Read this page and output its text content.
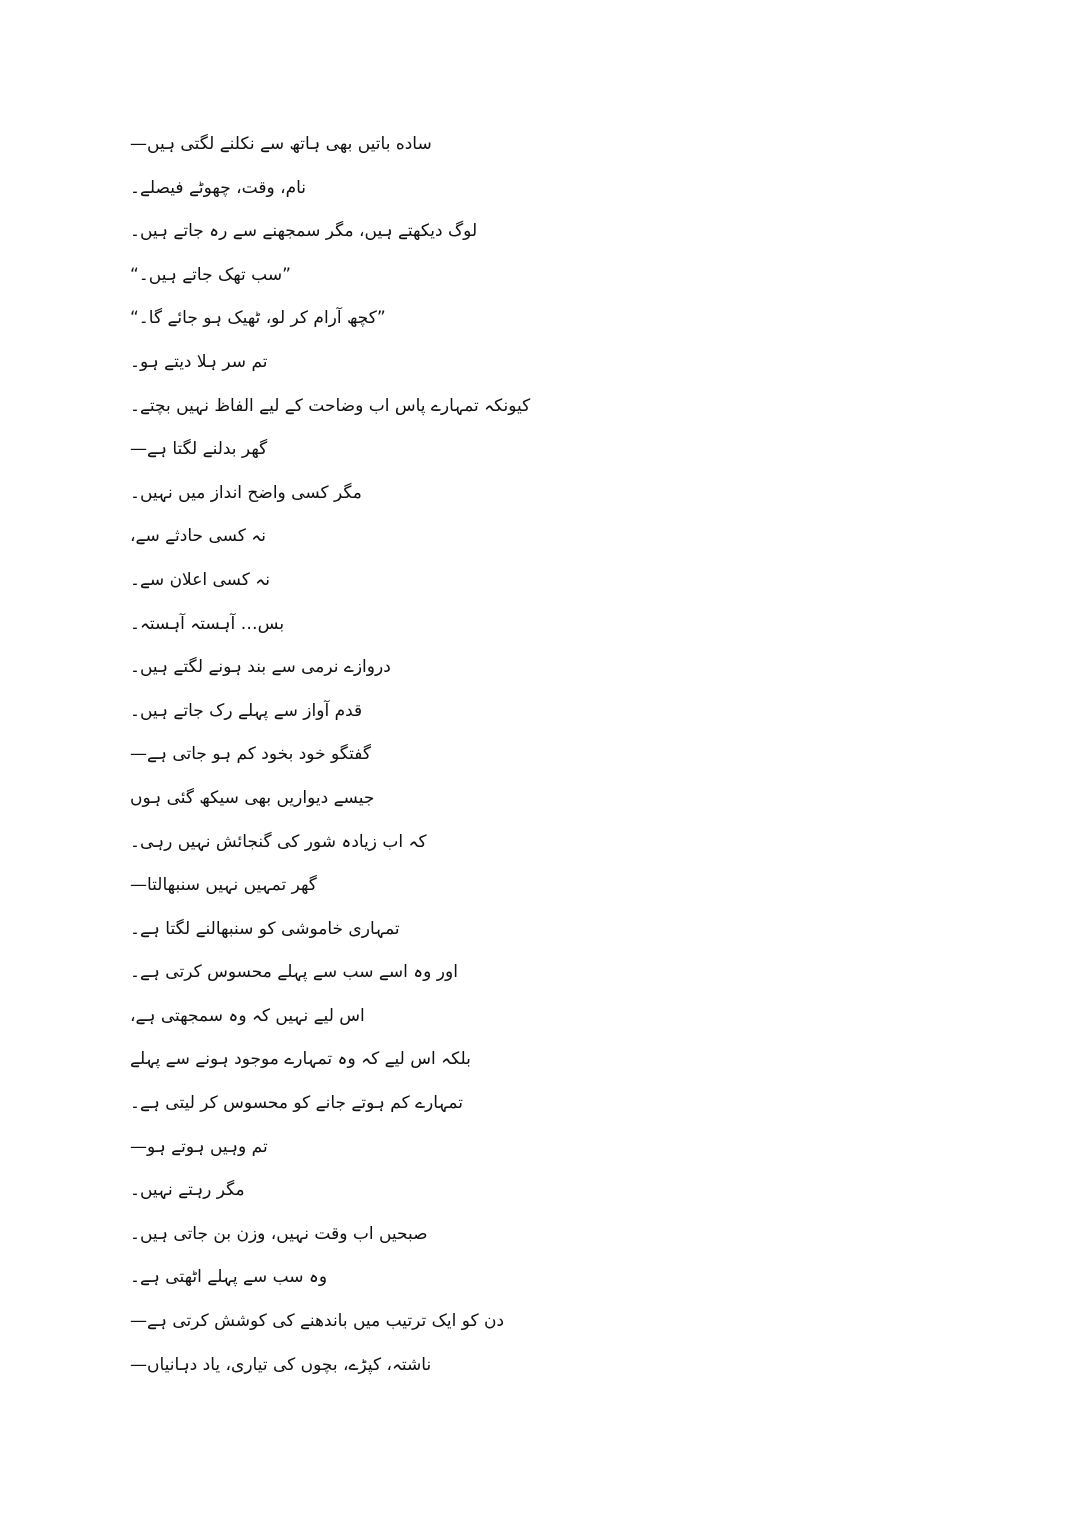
ساده باتیں بھی ہاتھ سے نکلنے لگتی ہیں—
نام، وقت، چھوٹے فیصلے۔
لوگ دیکھتے ہیں، مگر سمجھنے سے رہ جاتے ہیں۔
”سب تھک جاتے ہیں۔“
”کچھ آرام کر لو، ٹھیک ہو جائے گا۔“
تم سر ہلا دیتے ہو۔
کیونکہ تمہارے پاس اب وضاحت کے لیے الفاظ نہیں بچتے۔
گھر بدلنے لگتا ہے—
مگر کسی واضح انداز میں نہیں۔
نہ کسی حادثے سے،
نہ کسی اعلان سے۔
بس… آہستہ آہستہ۔
دروازے نرمی سے بند ہونے لگتے ہیں۔
قدم آواز سے پہلے رک جاتے ہیں۔
گفتگو خود بخود کم ہو جاتی ہے—
جیسے دیواریں بھی سیکھ گئی ہوں
کہ اب زیادہ شور کی گنجائش نہیں رہی۔
گھر تمہیں نہیں سنبھالتا—
تمہاری خاموشی کو سنبھالنے لگتا ہے۔
اور وہ اسے سب سے پہلے محسوس کرتی ہے۔
اس لیے نہیں کہ وہ سمجھتی ہے،
بلکہ اس لیے کہ وہ تمہارے موجود ہونے سے پہلے
تمہارے کم ہوتے جانے کو محسوس کر لیتی ہے۔
تم وہیں ہوتے ہو—
مگر رہتے نہیں۔
صبحیں اب وقت نہیں، وزن بن جاتی ہیں۔
وہ سب سے پہلے اٹھتی ہے۔
دن کو ایک ترتیب میں باندھنے کی کوشش کرتی ہے—
ناشتہ، کپڑے، بچوں کی تیاری، یاد دہانیاں—
